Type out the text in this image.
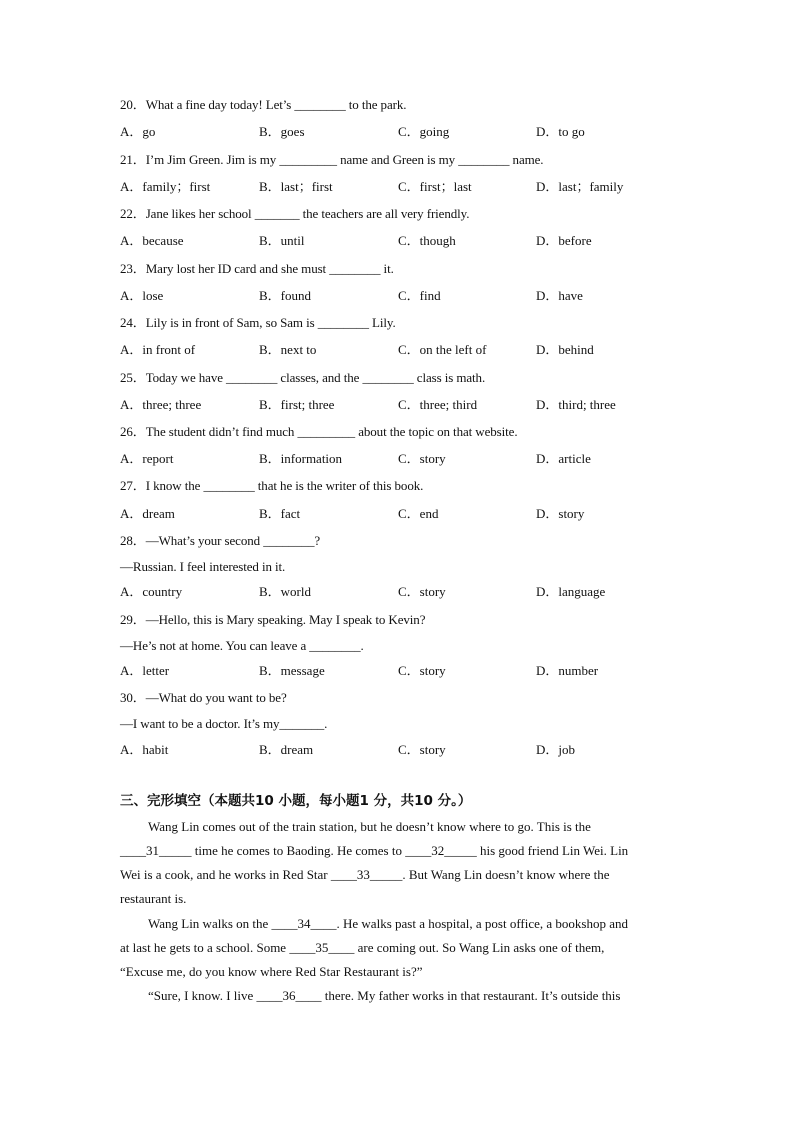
20．What a fine day today! Let’s ________ to the park.
A．go	B．goes	C．going	D．to go
21．I’m Jim Green. Jim is my _________ name and Green is my ________ name.
A．family；first	B．last；first	C．first；last	D．last；family
22．Jane likes her school _______ the teachers are all very friendly.
A．because	B．until	C．though	D．before
23．Mary lost her ID card and she must ________ it.
A．lose	B．found	C．find	D．have
24．Lily is in front of Sam, so Sam is ________ Lily.
A．in front of	B．next to	C．on the left of	D．behind
25．Today we have ________ classes, and the ________ class is math.
A．three; three	B．first; three	C．three; third	D．third; three
26．The student didn’t find much _________ about the topic on that website.
A．report	B．information	C．story	D．article
27．I know the ________ that he is the writer of this book.
A．dream	B．fact	C．end	D．story
28．—What’s your second ________?
—Russian. I feel interested in it.
A．country	B．world	C．story	D．language
29．—Hello, this is Mary speaking. May I speak to Kevin?
—He’s not at home. You can leave a ________.
A．letter	B．message	C．story	D．number
30．—What do you want to be?
—I want to be a doctor. It’s my_______.
A．habit	B．dream	C．story	D．job
三、完形填空（本题共10 小题，每小题1 分，共10 分。）
Wang Lin comes out of the train station, but he doesn’t know where to go. This is the
____31_____ time he comes to Baoding. He comes to ____32_____ his good friend Lin Wei. Lin
Wei is a cook, and he works in Red Star ____33_____. But Wang Lin doesn’t know where the
restaurant is.
Wang Lin walks on the ____34____. He walks past a hospital, a post office, a bookshop and
at last he gets to a school. Some ____35____ are coming out. So Wang Lin asks one of them,
“Excuse me, do you know where Red Star Restaurant is?”
“Sure, I know. I live ____36____ there. My father works in that restaurant. It’s outside this
